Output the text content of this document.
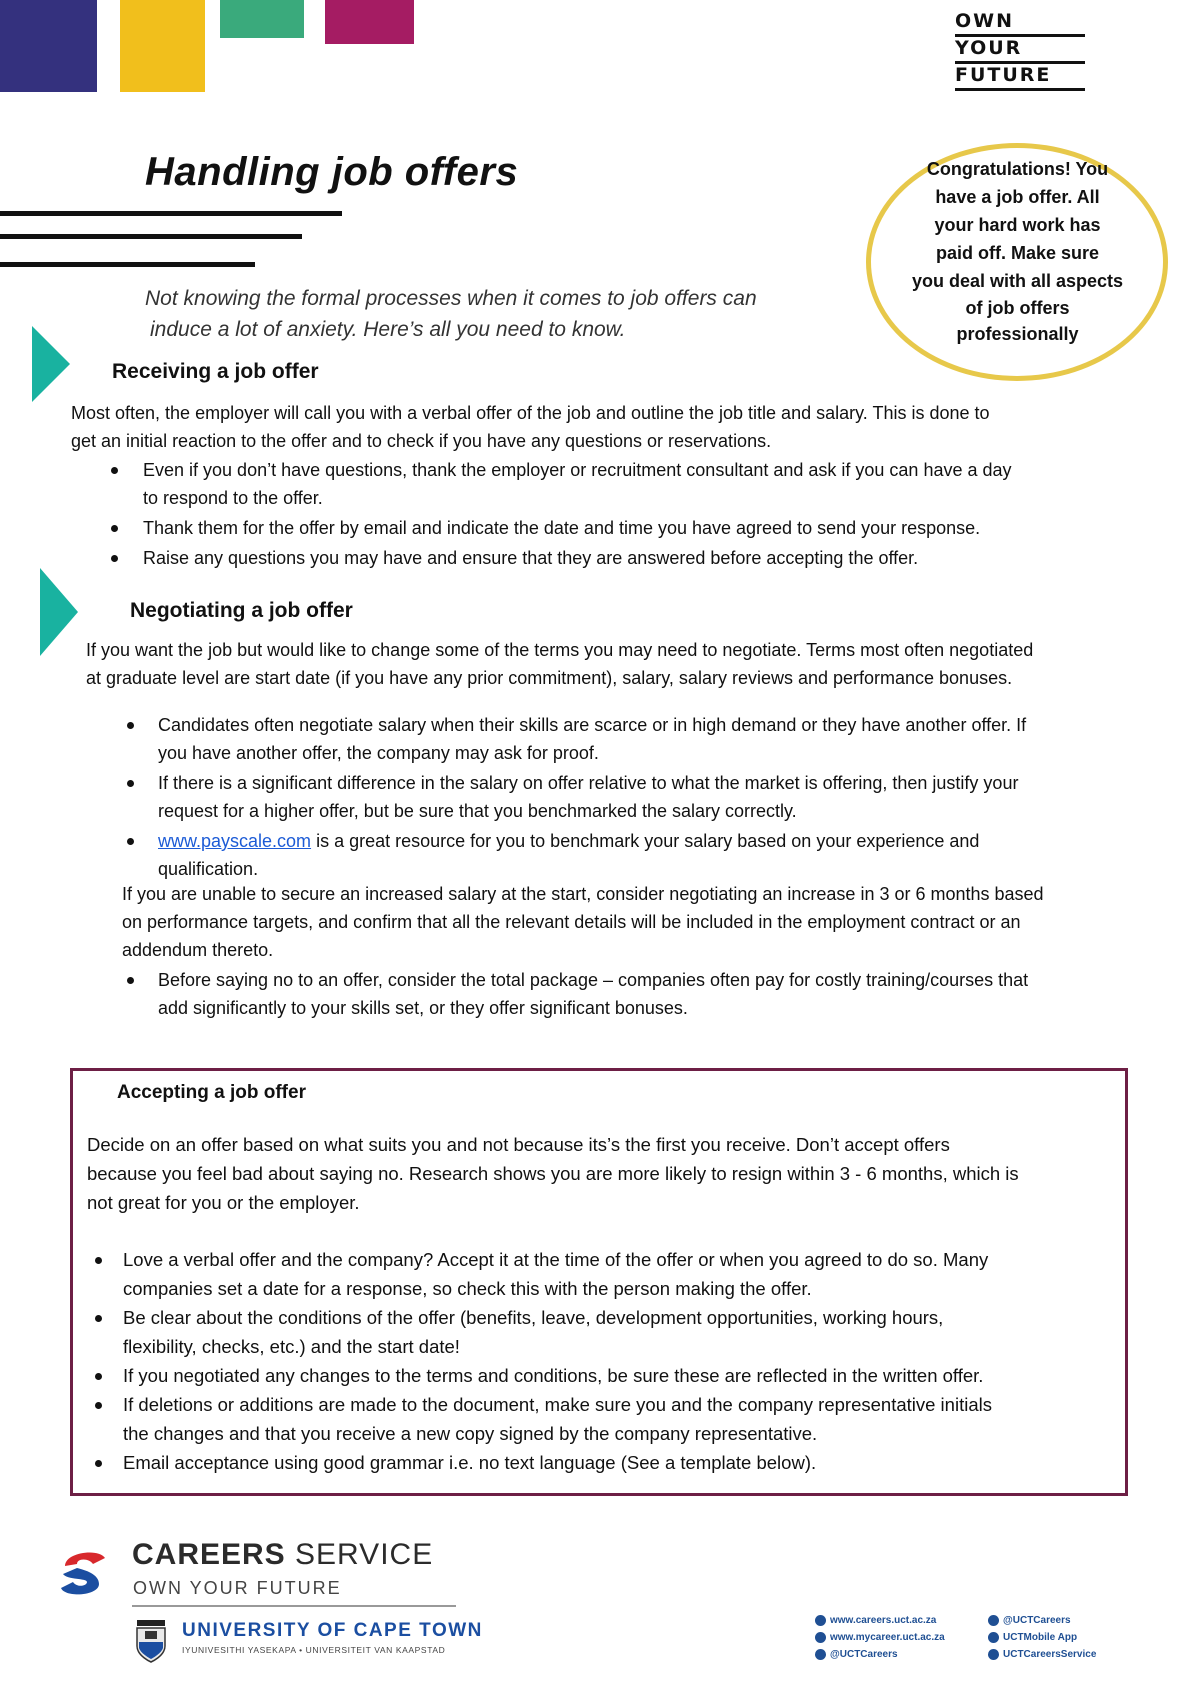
OWN
YOUR
FUTURE
Handling job offers
Not knowing the formal processes when it comes to job offers can
induce a lot of anxiety. Here’s all you need to know.
Congratulations! You
have a job offer. All
your hard work has
paid off. Make sure
you deal with all aspects
of job offers
professionally
Receiving a job offer
Most often, the employer will call you with a verbal offer of the job and outline the job title and salary. This is done to
get an initial reaction to the offer and to check if you have any questions or reservations.
Even if you don’t have questions, thank the employer or recruitment consultant and ask if you can have a day
to respond to the offer.
Thank them for the offer by email and indicate the date and time you have agreed to send your response.
Raise any questions you may have and ensure that they are answered before accepting the offer.
Negotiating a job offer
If you want the job but would like to change some of the terms you may need to negotiate. Terms most often negotiated
at graduate level are start date (if you have any prior commitment), salary, salary reviews and performance bonuses.
Candidates often negotiate salary when their skills are scarce or in high demand or they have another offer. If
you have another offer, the company may ask for proof.
If there is a significant difference in the salary on offer relative to what the market is offering, then justify your
request for a higher offer, but be sure that you benchmarked the salary correctly.
www.payscale.com is a great resource for you to benchmark your salary based on your experience and
qualification.
If you are unable to secure an increased salary at the start, consider negotiating an increase in 3 or 6 months based
on performance targets, and confirm that all the relevant details will be included in the employment contract or an
addendum thereto.
Before saying no to an offer, consider the total package – companies often pay for costly training/courses that
add significantly to your skills set, or they offer significant bonuses.
Accepting a job offer
Decide on an offer based on what suits you and not because its’s the first you receive. Don’t accept offers
because you feel bad about saying no. Research shows you are more likely to resign within 3 - 6 months, which is
not great for you or the employer.
Love a verbal offer and the company? Accept it at the time of the offer or when you agreed to do so. Many
companies set a date for a response, so check this with the person making the offer.
Be clear about the conditions of the offer (benefits, leave, development opportunities, working hours,
flexibility, checks, etc.) and the start date!
If you negotiated any changes to the terms and conditions, be sure these are reflected in the written offer.
If deletions or additions are made to the document, make sure you and the company representative initials
the changes and that you receive a new copy signed by the company representative.
Email acceptance using good grammar i.e. no text language (See a template below).
CAREERS SERVICE
OWN YOUR FUTURE
UNIVERSITY OF CAPE TOWN
IYUNIVESITHI YASEKAPA • UNIVERSITEIT VAN KAAPSTAD
www.careers.uct.ac.za
www.mycareer.uct.ac.za
@UCTCareers
@UCTCareers
UCTMobile App
UCTCareersService
